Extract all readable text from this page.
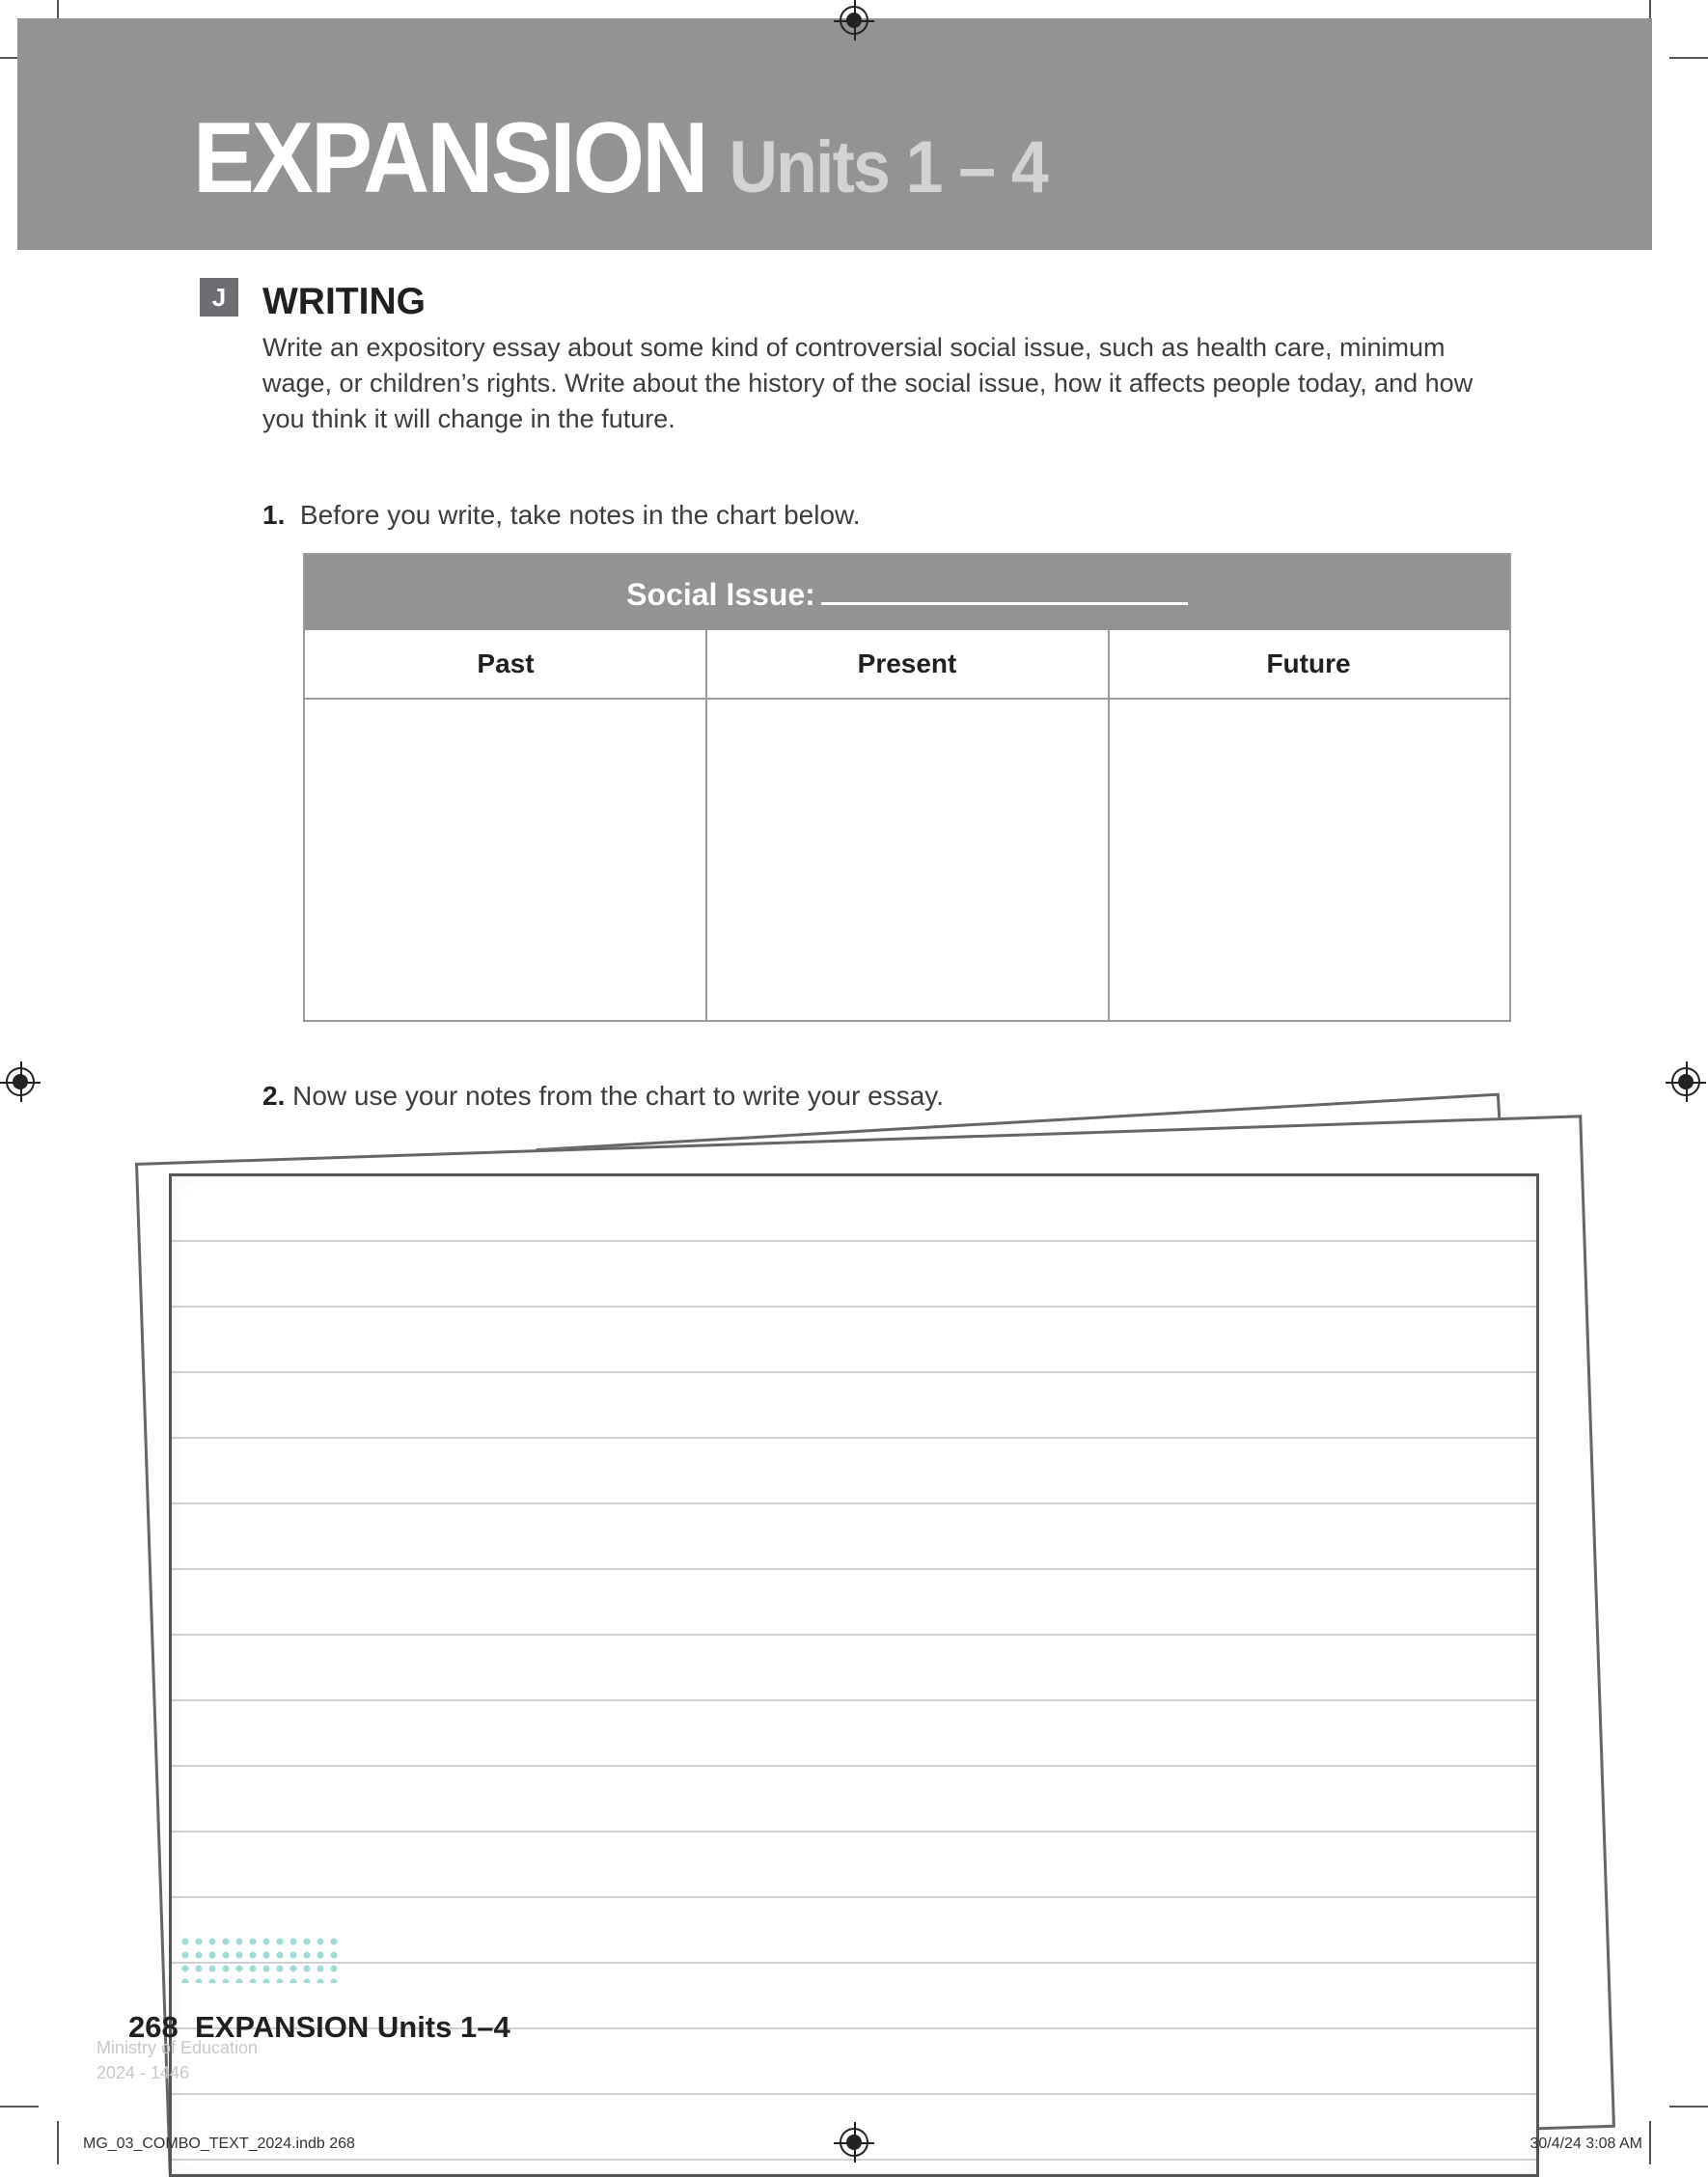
EXPANSION Units 1 – 4
J WRITING
Write an expository essay about some kind of controversial social issue, such as health care, minimum wage, or children’s rights. Write about the history of the social issue, how it affects people today, and how you think it will change in the future.
1. Before you write, take notes in the chart below.
Social Issue:
Past	Present	Future
2. Now use your notes from the chart to write your essay.
Ministry of Education
2024 - 1446
268 EXPANSION Units 1–4
MG_03_COMBO_TEXT_2024.indb 268	30/4/24 3:08 AM
